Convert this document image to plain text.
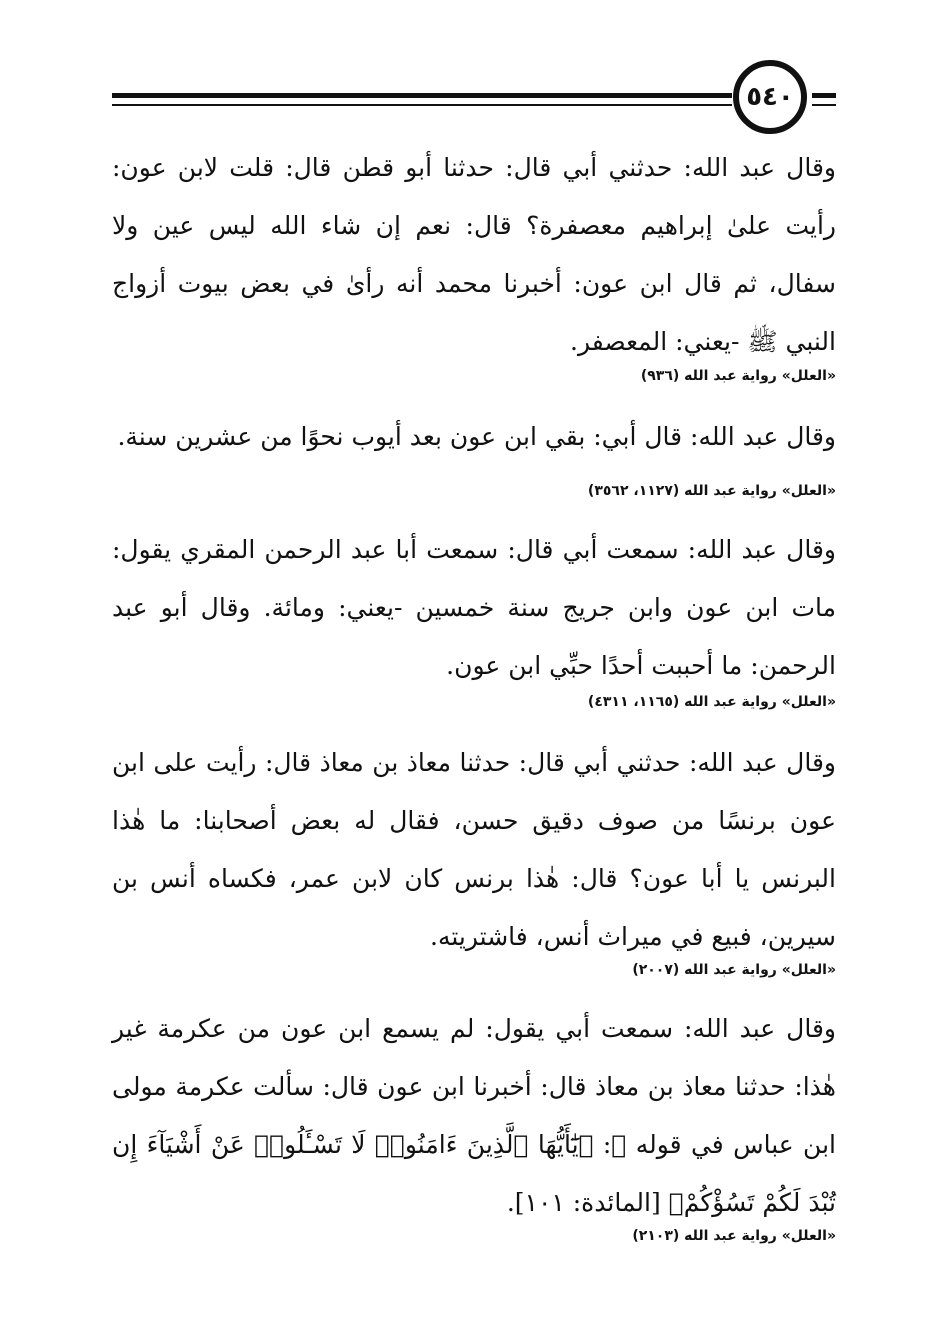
٥٤٠

وقال عبد الله: حدثني أبي قال: حدثنا أبو قطن قال: قلت لابن عون: رأيت علىٰ إبراهيم معصفرة؟ قال: نعم إن شاء الله ليس عين ولا سفال، ثم قال ابن عون: أخبرنا محمد أنه رأىٰ في بعض بيوت أزواج النبي ﷺ -يعني: المعصفر.

«العلل» رواية عبد الله (٩٣٦)

وقال عبد الله: قال أبي: بقي ابن عون بعد أيوب نحوًا من عشرين سنة.

«العلل» رواية عبد الله (١١٢٧، ٣٥٦٢)

وقال عبد الله: سمعت أبي قال: سمعت أبا عبد الرحمن المقري يقول: مات ابن عون وابن جريج سنة خمسين -يعني: ومائة. وقال أبو عبد الرحمن: ما أحببت أحدًا حبِّي ابن عون.

«العلل» رواية عبد الله (١١٦٥، ٤٣١١)

وقال عبد الله: حدثني أبي قال: حدثنا معاذ بن معاذ قال: رأيت على ابن عون برنسًا من صوف دقيق حسن، فقال له بعض أصحابنا: ما هٰذا البرنس يا أبا عون؟ قال: هٰذا برنس كان لابن عمر، فكساه أنس بن سيرين، فبيع في ميراث أنس، فاشتريته.

«العلل» رواية عبد الله (٢٠٠٧)

وقال عبد الله: سمعت أبي يقول: لم يسمع ابن عون من عكرمة غير هٰذا: حدثنا معاذ بن معاذ قال: أخبرنا ابن عون قال: سألت عكرمة مولى ابن عباس في قوله ﷻ: ﴿يَٰٓأَيُّهَا ٱلَّذِينَ ءَامَنُوا۟ لَا تَسْـَٔلُوا۟ عَنْ أَشْيَآءَ إِن تُبْدَ لَكُمْ تَسُؤْكُمْ﴾ [المائدة: ١٠١].

«العلل» رواية عبد الله (٢١٠٣)
